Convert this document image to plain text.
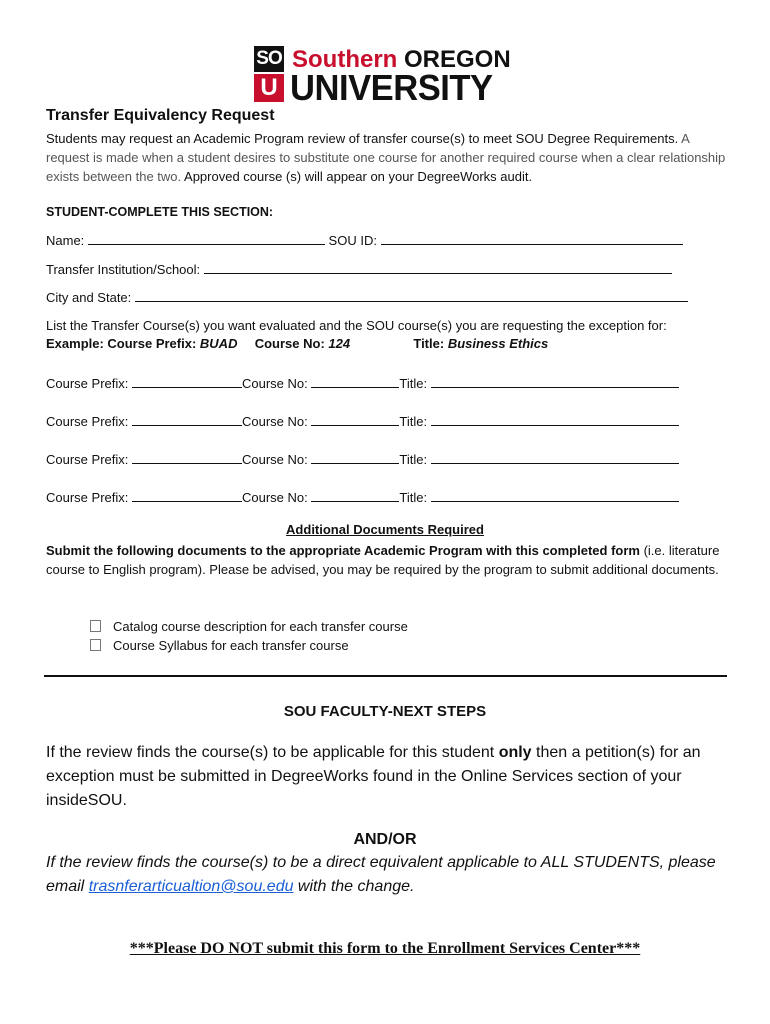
SO
U
Southern OREGON
UNIVERSITY
Transfer Equivalency Request
Students may request an Academic Program review of transfer course(s) to meet SOU Degree Requirements. A request is made when a student desires to substitute one course for another required course when a clear relationship exists between the two. Approved course (s) will appear on your DegreeWorks audit.
STUDENT-COMPLETE THIS SECTION:
Name:	SOU ID:
Transfer Institution/School:
City and State:
List the Transfer Course(s) you want evaluated and the SOU course(s) you are requesting the exception for:
Example: Course Prefix: BUAD Course No: 124	Title: Business Ethics
Course Prefix:	Course No:	Title:
Course Prefix:	Course No:	Title:
Course Prefix:	Course No:	Title:
Course Prefix:	Course No:	Title:
Additional Documents Required
Submit the following documents to the appropriate Academic Program with this completed form (i.e. literature course to English program). Please be advised, you may be required by the program to submit additional documents.
Catalog course description for each transfer course
Course Syllabus for each transfer course
SOU FACULTY-NEXT STEPS
If the review finds the course(s) to be applicable for this student only then a petition(s) for an exception must be submitted in DegreeWorks found in the Online Services section of your insideSOU.
AND/OR
If the review finds the course(s) to be a direct equivalent applicable to ALL STUDENTS, please email trasnferarticualtion@sou.edu with the change.
***Please DO NOT submit this form to the Enrollment Services Center***
